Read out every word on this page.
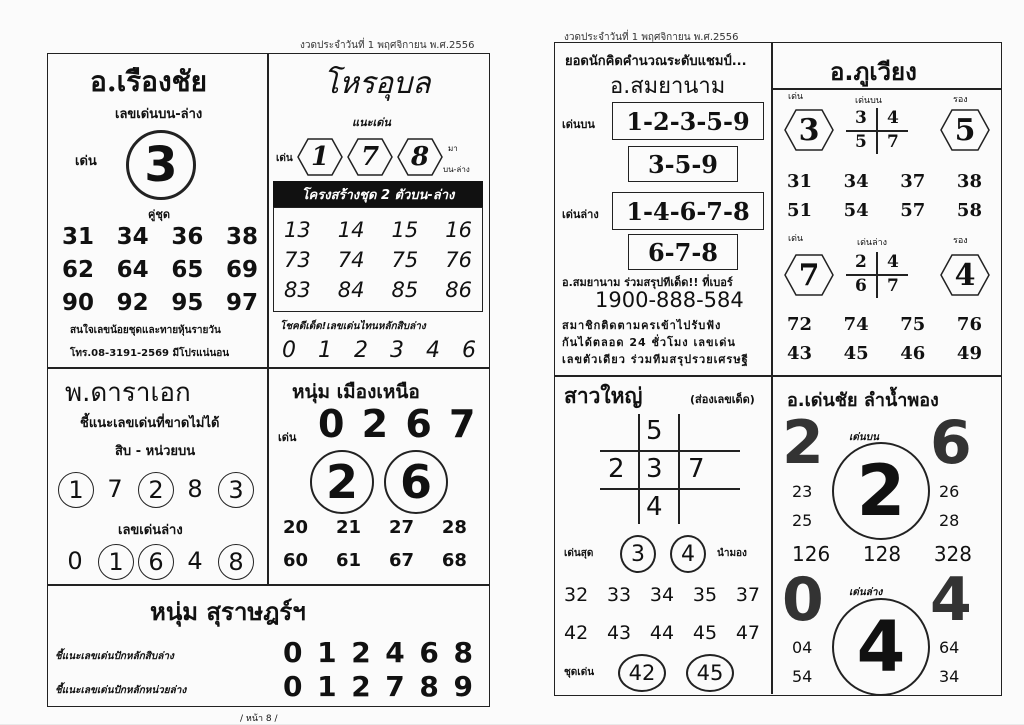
งวดประจำวันที่ 1 พฤศจิกายน พ.ศ.2556
อ.เรืองชัย
เลขเด่นบน-ล่าง
เด่น 3
คู่ชุด
31 34 36 38
62 64 65 69
90 92 95 97
สนใจเลขน้อยชุดและทายหุ้นรายวัน
โทร.08-3191-2569 มีโปรแน่นอน
โหรอุบล
แนะเด่น
เด่น 1 7 8 มา
บน-ล่าง
โครงสร้างชุด 2 ตัวบน-ล่าง
13 14 15 16
73 74 75 76
83 84 85 86
โชคดีเด็ด!เลขเด่นไทนหลักสิบล่าง
0 1 2 3 4 6
พ.ดาราเอก
ชี้แนะเลขเด่นที่ขาดไม่ได้
สิบ - หน่วยบน
1 7	2 8	3
เลขเด่นล่าง
0	1	6 4	8
หนุ่ม เมืองเหนือ
เด่น 0 2 6 7
2 6
20 21 27 28
60 61 67 68
หนุ่ม สุราษฎร์ฯ
ชี้แนะเลขเด่นปักหลักสิบล่าง	0 1 2 4 6 8
ชี้แนะเลขเด่นปักหลักหน่วยล่าง	0 1 2 7 8 9
/ หน้า 8 /
งวดประจำวันที่ 1 พฤศจิกายน พ.ศ.2556
ยอดนักคิดคำนวณระดับแชมป์...
อ.สมยานาม
เด่นบน	1-2-3-5-9
3-5-9
เด่นล่าง	1-4-6-7-8
6-7-8
อ.สมยานาม ร่วมสรุปทีเด็ด!! ที่เบอร์
1900-888-584
สมาชิกติดตามครเข้าไปรับฟัง
กันได้ตลอด 24 ชั่วโมง เลขเด่น
เลขตัวเดียว ร่วมทีมสรุปรวยเศรษฐี
อ.ภูเวียง
เด่น	เด่นบน	รอง
3 3 4
5 7 5
31 34 37 38
51 54 57 58
เด่น	เด่นล่าง	รอง
7 2 4
6 7 4
72 74 75 76
43 45 46 49
สาวใหญ่	(ส่องเลขเด็ด)
5
2 3 7
4
เด่นสุด	3	4	นำมอง
32 33 34 35 37
42 43 44 45 47
ชุดเด่น	42	45
อ.เด่นชัย ลำน้ำพอง
2 6
เด่นบน
2
23
25
26
28
126 128 328
0 4
เด่นล่าง
4
04
54
64
34
